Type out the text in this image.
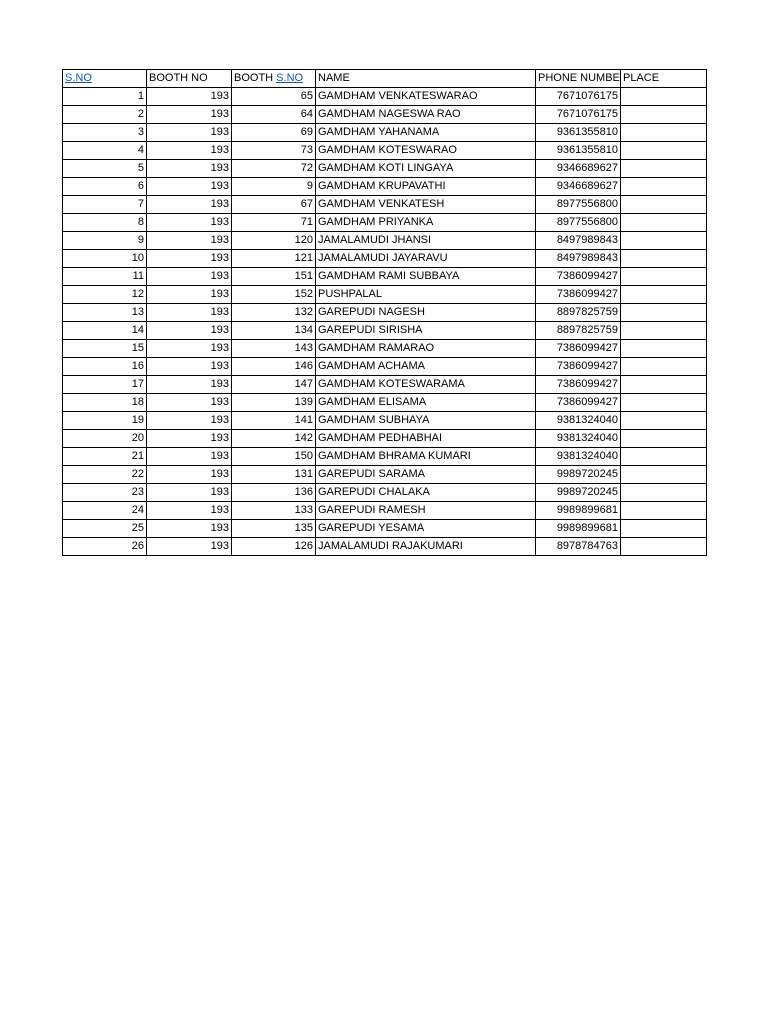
S.NO	BOOTH NO	BOOTH S.NO	NAME	PHONE NUMBE	PLACE
1	193	65	GAMDHAM VENKATESWARAO	7671076175	
2	193	64	GAMDHAM NAGESWA RAO	7671076175	
3	193	69	GAMDHAM YAHANAMA	9361355810	
4	193	73	GAMDHAM KOTESWARAO	9361355810	
5	193	72	GAMDHAM KOTI LINGAYA	9346689627	
6	193	9	GAMDHAM KRUPAVATHI	9346689627	
7	193	67	GAMDHAM VENKATESH	8977556800	
8	193	71	GAMDHAM PRIYANKA	8977556800	
9	193	120	JAMALAMUDI JHANSI	8497989843	
10	193	121	JAMALAMUDI JAYARAVU	8497989843	
11	193	151	GAMDHAM RAMI SUBBAYA	7386099427	
12	193	152	PUSHPALAL	7386099427	
13	193	132	GAREPUDI NAGESH	8897825759	
14	193	134	GAREPUDI SIRISHA	8897825759	
15	193	143	GAMDHAM RAMARAO	7386099427	
16	193	146	GAMDHAM ACHAMA	7386099427	
17	193	147	GAMDHAM KOTESWARAMA	7386099427	
18	193	139	GAMDHAM ELISAMA	7386099427	
19	193	141	GAMDHAM SUBHAYA	9381324040	
20	193	142	GAMDHAM PEDHABHAI	9381324040	
21	193	150	GAMDHAM BHRAMA KUMARI	9381324040	
22	193	131	GAREPUDI SARAMA	9989720245	
23	193	136	GAREPUDI CHALAKA	9989720245	
24	193	133	GAREPUDI RAMESH	9989899681	
25	193	135	GAREPUDI YESAMA	9989899681	
26	193	126	JAMALAMUDI RAJAKUMARI	8978784763	
